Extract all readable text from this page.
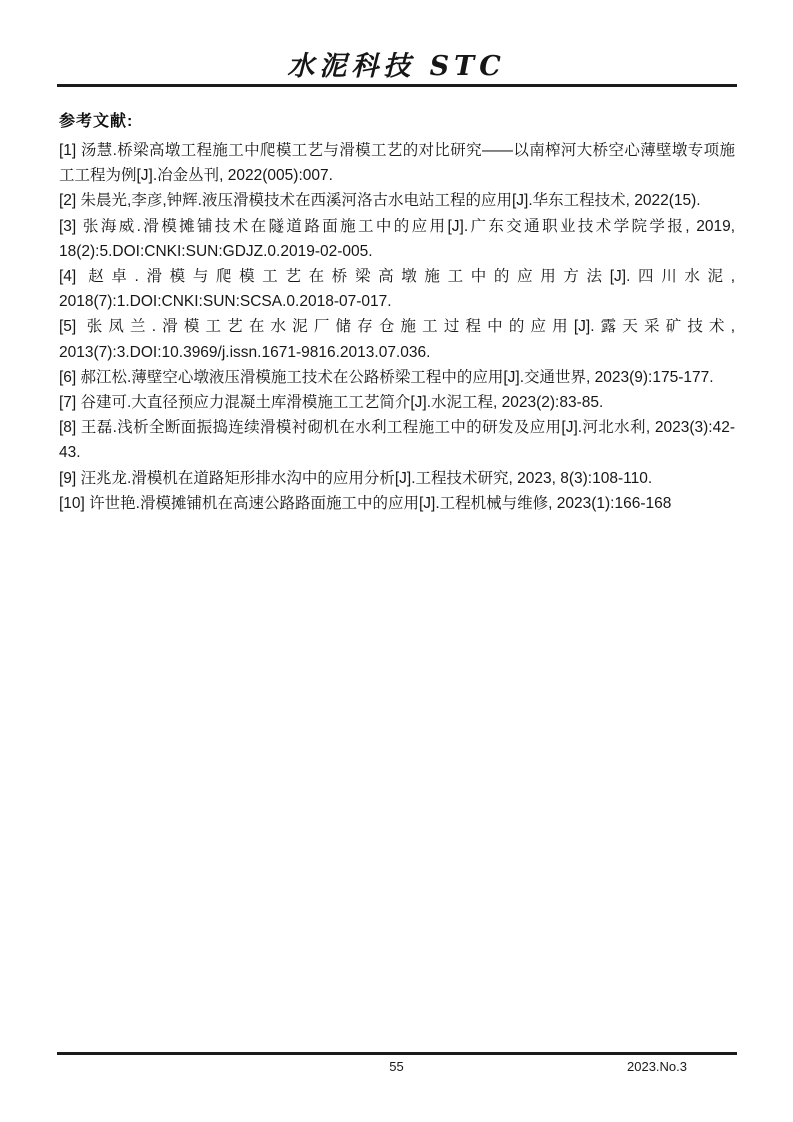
水泥科技 STC
参考文献:

[1] 汤慧.桥梁高墩工程施工中爬模工艺与滑模工艺的对比研究——以南榨河大桥空心薄壁墩专项施工工程为例[J].冶金丛刊, 2022(005):007.

[2] 朱晨光,李彦,钟辉.液压滑模技术在西溪河洛古水电站工程的应用[J].华东工程技术, 2022(15).

[3] 张海威.滑模摊铺技术在隧道路面施工中的应用[J].广东交通职业技术学院学报, 2019, 18(2):5.DOI:CNKI:SUN:GDJZ.0.2019-02-005.

[4] 赵卓.滑模与爬模工艺在桥梁高墩施工中的应用方法[J].四川水泥, 2018(7):1.DOI:CNKI:SUN:SCSA.0.2018-07-017.

[5] 张凤兰.滑模工艺在水泥厂储存仓施工过程中的应用[J].露天采矿技术, 2013(7):3.DOI:10.3969/j.issn.1671-9816.2013.07.036.

[6] 郝江松.薄壁空心墩液压滑模施工技术在公路桥梁工程中的应用[J].交通世界, 2023(9):175-177.

[7] 谷建可.大直径预应力混凝土库滑模施工工艺简介[J].水泥工程, 2023(2):83-85.

[8] 王磊.浅析全断面振捣连续滑模衬砌机在水利工程施工中的研发及应用[J].河北水利, 2023(3):42-43.

[9] 汪兆龙.滑模机在道路矩形排水沟中的应用分析[J].工程技术研究, 2023, 8(3):108-110.

[10] 许世艳.滑模摊铺机在高速公路路面施工中的应用[J].工程机械与维修, 2023(1):166-168

55	2023.No.3
